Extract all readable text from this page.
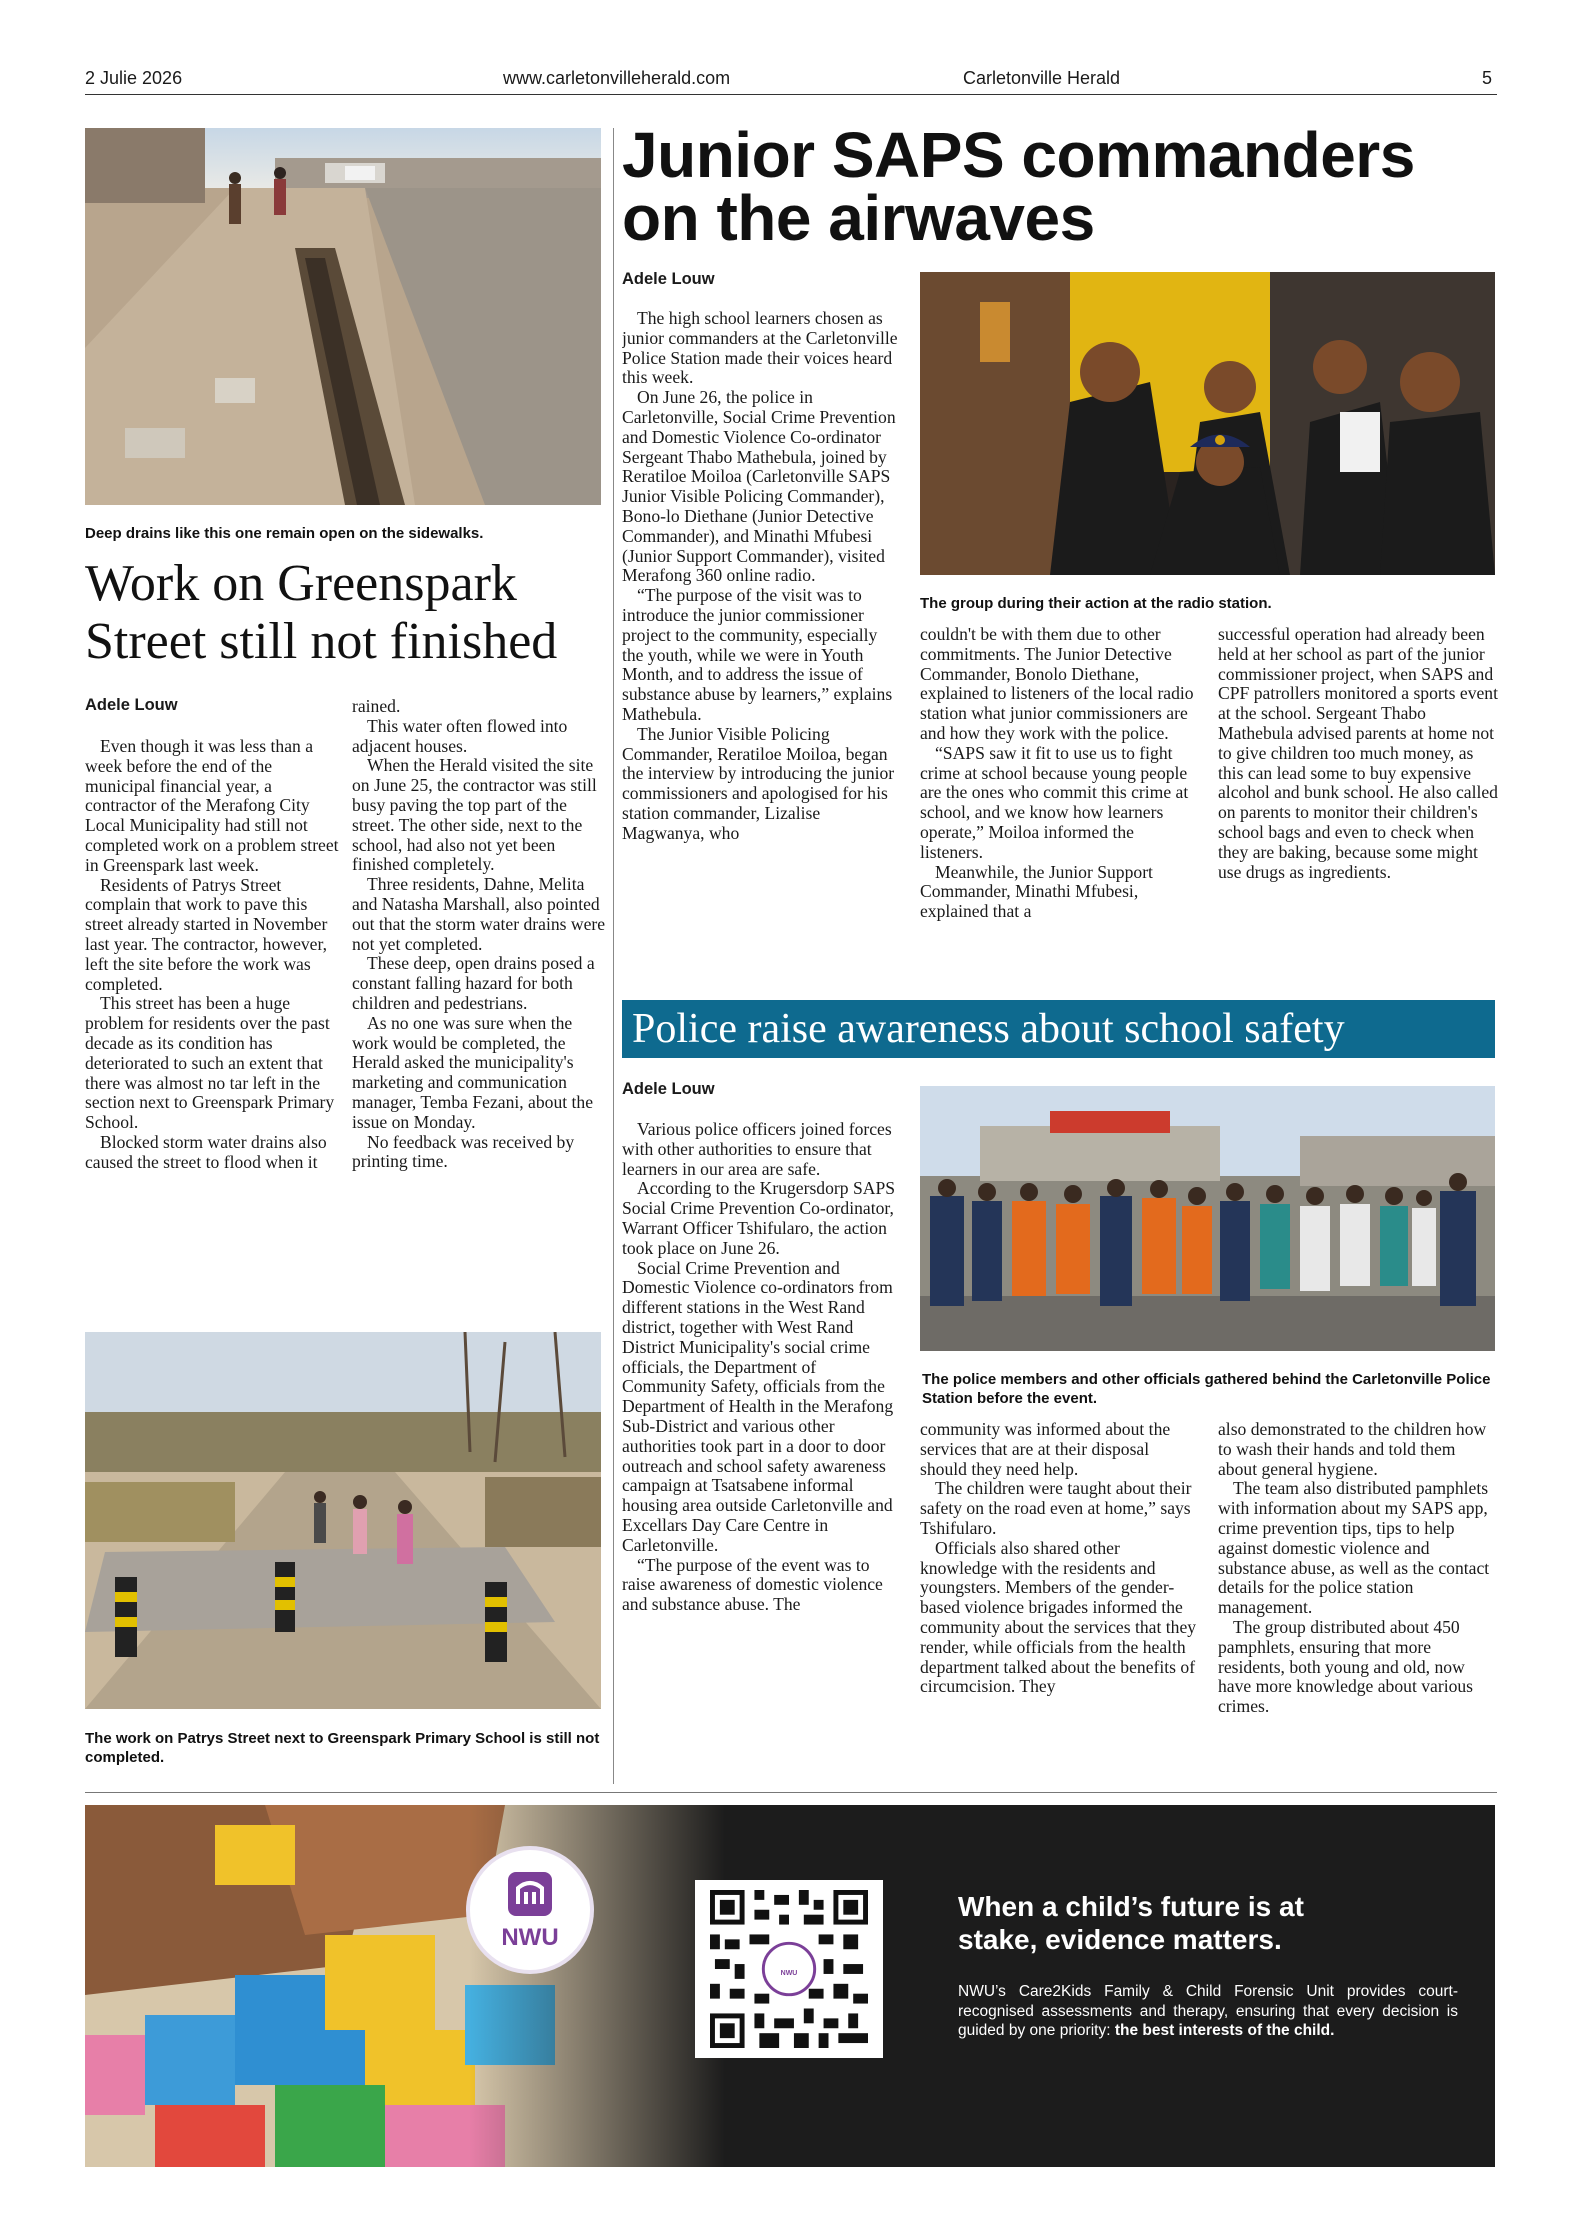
2 Julie 2026	www.carletonvilleherald.com	Carletonville Herald	5
Deep drains like this one remain open on the sidewalks.
Work on Greenspark Street still not finished
Adele Louw

Even though it was less than a week before the end of the municipal financial year, a contractor of the Merafong City Local Municipality had still not completed work on a problem street in Greenspark last week.

Residents of Patrys Street complain that work to pave this street already started in November last year. The contractor, however, left the site before the work was completed.

This street has been a huge problem for residents over the past decade as its condition has deteriorated to such an extent that there was almost no tar left in the section next to Greenspark Primary School.

Blocked storm water drains also caused the street to flood when it

rained.

This water often flowed into adjacent houses.

When the Herald visited the site on June 25, the contractor was still busy paving the top part of the street. The other side, next to the school, had also not yet been finished completely.

Three residents, Dahne, Melita and Natasha Marshall, also pointed out that the storm water drains were not yet completed.

These deep, open drains posed a constant falling hazard for both children and pedestrians.

As no one was sure when the work would be completed, the Herald asked the municipality's marketing and communication manager, Temba Fezani, about the issue on Monday.

No feedback was received by printing time.

The work on Patrys Street next to Greenspark Primary School is still not completed.
Junior SAPS commanders
on the airwaves
Adele Louw

The high school learners chosen as junior commanders at the Carletonville Police Station made their voices heard this week.

On June 26, the police in Carletonville, Social Crime Prevention and Domestic Violence Co-ordinator Sergeant Thabo Mathebula, joined by Reratiloe Moiloa (Carletonville SAPS Junior Visible Policing Commander), Bono-lo Diethane (Junior Detective Commander), and Minathi Mfubesi (Junior Support Commander), visited Merafong 360 online radio.

“The purpose of the visit was to introduce the junior commissioner project to the community, especially the youth, while we were in Youth Month, and to address the issue of substance abuse by learners,” explains Mathebula.

The Junior Visible Policing Commander, Reratiloe Moiloa, began the interview by introducing the junior commissioners and apologised for his station commander, Lizalise Magwanya, who

The group during their action at the radio station.

couldn't be with them due to other commitments. The Junior Detective Commander, Bonolo Diethane, explained to listeners of the local radio station what junior commissioners are and how they work with the police.

“SAPS saw it fit to use us to fight crime at school because young people are the ones who commit this crime at school, and we know how learners operate,” Moiloa informed the listeners.

Meanwhile, the Junior Support Commander, Minathi Mfubesi, explained that a

successful operation had already been held at her school as part of the junior commissioner project, when SAPS and CPF patrollers monitored a sports event at the school. Sergeant Thabo Mathebula advised parents at home not to give children too much money, as this can lead some to buy expensive alcohol and bunk school. He also called on parents to monitor their children's school bags and even to check when they are baking, because some might use drugs as ingredients.

Police raise awareness about school safety
Adele Louw

Various police officers joined forces with other authorities to ensure that learners in our area are safe.

According to the Krugersdorp SAPS Social Crime Prevention Co-ordinator, Warrant Officer Tshifularo, the action took place on June 26.

Social Crime Prevention and Domestic Violence co-ordinators from different stations in the West Rand district, together with West Rand District Municipality's social crime officials, the Department of Community Safety, officials from the Department of Health in the Merafong Sub-District and various other authorities took part in a door to door outreach and school safety awareness campaign at Tsatsabene informal housing area outside Carletonville and Excellars Day Care Centre in Carletonville.

“The purpose of the event was to raise awareness of domestic violence and substance abuse. The

The police members and other officials gathered behind the Carletonville Police Station before the event.

community was informed about the services that are at their disposal should they need help.

The children were taught about their safety on the road even at home,” says Tshifularo.

Officials also shared other knowledge with the residents and youngsters. Members of the gender-based violence brigades informed the community about the services that they render, while officials from the health department talked about the benefits of circumcision. They

also demonstrated to the children how to wash their hands and told them about general hygiene.

The team also distributed pamphlets with information about my SAPS app, crime prevention tips, tips to help against domestic violence and substance abuse, as well as the contact details for the police station management.

The group distributed about 450 pamphlets, ensuring that more residents, both young and old, now have more knowledge about various crimes.

NWU
NWU
When a child’s future is at
stake, evidence matters.
NWU’s Care2Kids Family & Child Forensic Unit provides court-recognised assessments and therapy, ensuring that every decision is guided by one priority: the best interests of the child.
